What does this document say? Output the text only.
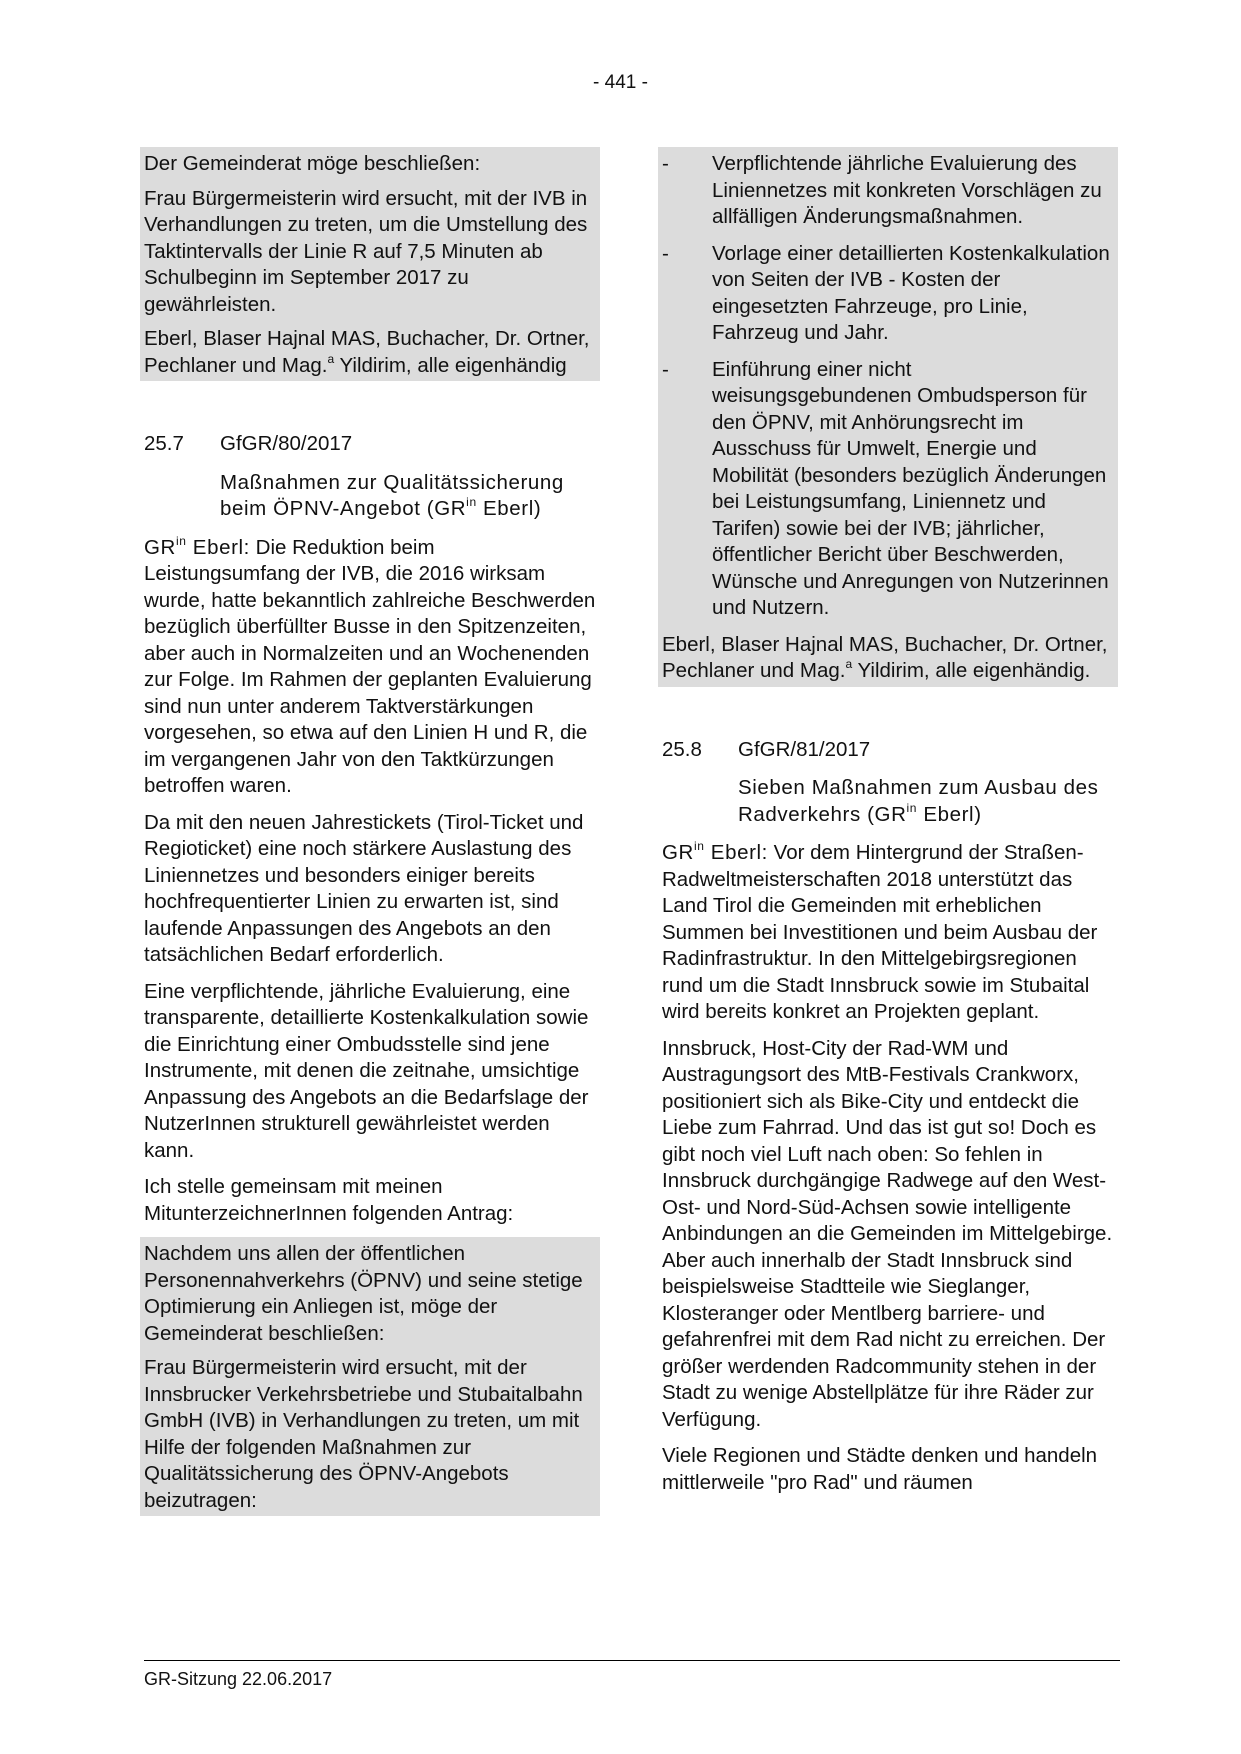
- 441 -

Der Gemeinderat möge beschließen:

Frau Bürgermeisterin wird ersucht, mit der IVB in Verhandlungen zu treten, um die Umstellung des Taktintervalls der Linie R auf 7,5 Minuten ab Schulbeginn im September 2017 zu gewährleisten.

Eberl, Blaser Hajnal MAS, Buchacher, Dr. Ortner, Pechlaner und Mag.$^a$ Yildirim, alle eigenhändig

25.7	GfGR/80/2017
Maßnahmen zur Qualitätssicherung beim ÖPNV-Angebot ($GR^{in}$ Eberl)

$GR^{in}$ Eberl: Die Reduktion beim Leistungsumfang der IVB, die 2016 wirksam wurde, hatte bekanntlich zahlreiche Beschwerden bezüglich überfüllter Busse in den Spitzenzeiten, aber auch in Normalzeiten und an Wochenenden zur Folge. Im Rahmen der geplanten Evaluierung sind nun unter anderem Taktverstärkungen vorgesehen, so etwa auf den Linien H und R, die im vergangenen Jahr von den Taktkürzungen betroffen waren.

Da mit den neuen Jahrestickets (Tirol-Ticket und Regioticket) eine noch stärkere Auslastung des Liniennetzes und besonders einiger bereits hochfrequentierter Linien zu erwarten ist, sind laufende Anpassungen des Angebots an den tatsächlichen Bedarf erforderlich.

Eine verpflichtende, jährliche Evaluierung, eine transparente, detaillierte Kostenkalkulation sowie die Einrichtung einer Ombudsstelle sind jene Instrumente, mit denen die zeitnahe, umsichtige Anpassung des Angebots an die Bedarfslage der NutzerInnen strukturell gewährleistet werden kann.

Ich stelle gemeinsam mit meinen MitunterzeichnerInnen folgenden Antrag:

Nachdem uns allen der öffentlichen Personennahverkehrs (ÖPNV) und seine stetige Optimierung ein Anliegen ist, möge der Gemeinderat beschließen:

Frau Bürgermeisterin wird ersucht, mit der Innsbrucker Verkehrsbetriebe und Stubaitalbahn GmbH (IVB) in Verhandlungen zu treten, um mit Hilfe der folgenden Maßnahmen zur Qualitätssicherung des ÖPNV-Angebots beizutragen:

-	Verpflichtende jährliche Evaluierung des Liniennetzes mit konkreten Vorschlägen zu allfälligen Änderungsmaßnahmen.
-	Vorlage einer detaillierten Kostenkalkulation von Seiten der IVB - Kosten der eingesetzten Fahrzeuge, pro Linie, Fahrzeug und Jahr.
-	Einführung einer nicht weisungsgebundenen Ombudsperson für den ÖPNV, mit Anhörungsrecht im Ausschuss für Umwelt, Energie und Mobilität (besonders bezüglich Änderungen bei Leistungsumfang, Liniennetz und Tarifen) sowie bei der IVB; jährlicher, öffentlicher Bericht über Beschwerden, Wünsche und Anregungen von Nutzerinnen und Nutzern.

Eberl, Blaser Hajnal MAS, Buchacher, Dr. Ortner, Pechlaner und Mag.$^a$ Yildirim, alle eigenhändig.

25.8	GfGR/81/2017
Sieben Maßnahmen zum Ausbau des Radverkehrs ($GR^{in}$ Eberl)

$GR^{in}$ Eberl: Vor dem Hintergrund der Straßen-Radweltmeisterschaften 2018 unterstützt das Land Tirol die Gemeinden mit erheblichen Summen bei Investitionen und beim Ausbau der Radinfrastruktur. In den Mittelgebirgsregionen rund um die Stadt Innsbruck sowie im Stubaital wird bereits konkret an Projekten geplant.

Innsbruck, Host-City der Rad-WM und Austragungsort des MtB-Festivals Crankworx, positioniert sich als Bike-City und entdeckt die Liebe zum Fahrrad. Und das ist gut so! Doch es gibt noch viel Luft nach oben: So fehlen in Innsbruck durchgängige Radwege auf den West-Ost- und Nord-Süd-Achsen sowie intelligente Anbindungen an die Gemeinden im Mittelgebirge. Aber auch innerhalb der Stadt Innsbruck sind beispielsweise Stadtteile wie Sieglanger, Klosteranger oder Mentlberg barriere- und gefahrenfrei mit dem Rad nicht zu erreichen. Der größer werdenden Radcommunity stehen in der Stadt zu wenige Abstellplätze für ihre Räder zur Verfügung.

Viele Regionen und Städte denken und handeln mittlerweile "pro Rad" und räumen

GR-Sitzung 22.06.2017
